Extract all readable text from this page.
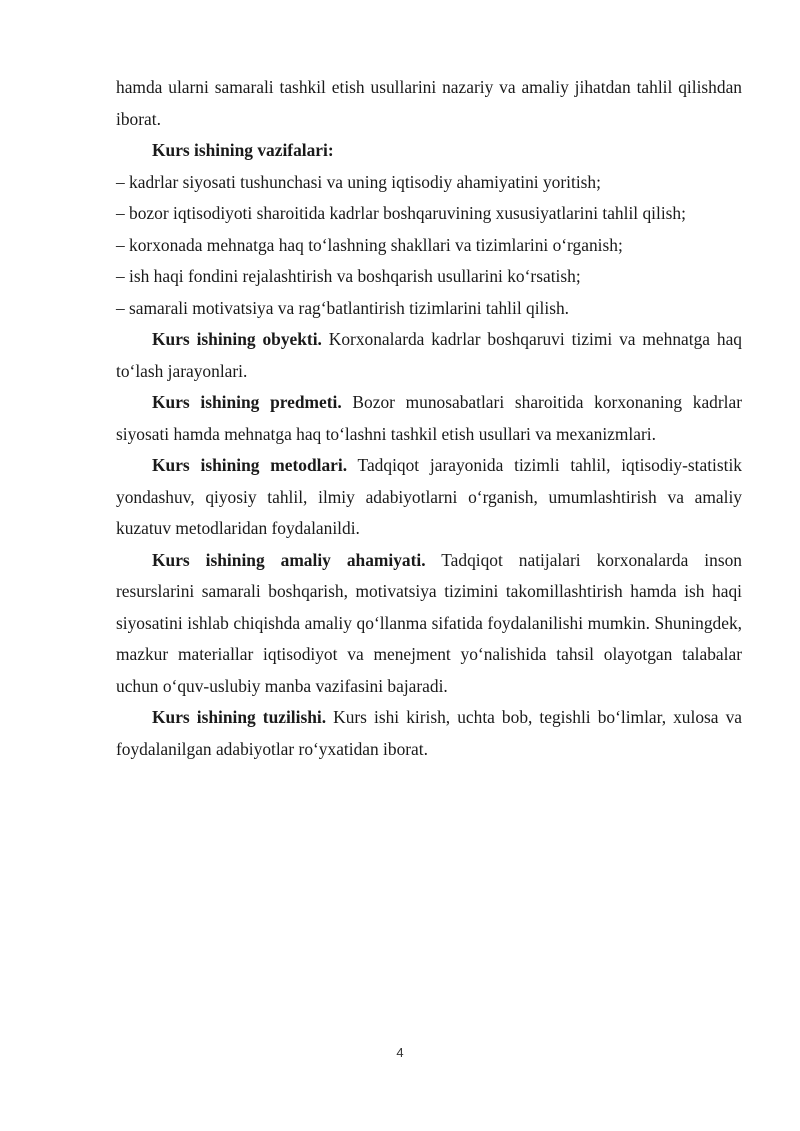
hamda ularni samarali tashkil etish usullarini nazariy va amaliy jihatdan tahlil qilishdan iborat.

Kurs ishining vazifalari:

– kadrlar siyosati tushunchasi va uning iqtisodiy ahamiyatini yoritish;

– bozor iqtisodiyoti sharoitida kadrlar boshqaruvining xususiyatlarini tahlil qilish;

– korxonada mehnatga haq to‘lashning shakllari va tizimlarini o‘rganish;

– ish haqi fondini rejalashtirish va boshqarish usullarini ko‘rsatish;

– samarali motivatsiya va rag‘batlantirish tizimlarini tahlil qilish.

Kurs ishining obyekti. Korxonalarda kadrlar boshqaruvi tizimi va mehnatga haq to‘lash jarayonlari.

Kurs ishining predmeti. Bozor munosabatlari sharoitida korxonaning kadrlar siyosati hamda mehnatga haq to‘lashni tashkil etish usullari va mexanizmlari.

Kurs ishining metodlari. Tadqiqot jarayonida tizimli tahlil, iqtisodiy-statistik yondashuv, qiyosiy tahlil, ilmiy adabiyotlarni o‘rganish, umumlashtirish va amaliy kuzatuv metodlaridan foydalanildi.

Kurs ishining amaliy ahamiyati. Tadqiqot natijalari korxonalarda inson resurslarini samarali boshqarish, motivatsiya tizimini takomillashtirish hamda ish haqi siyosatini ishlab chiqishda amaliy qo‘llanma sifatida foydalanilishi mumkin. Shuningdek, mazkur materiallar iqtisodiyot va menejment yo‘nalishida tahsil olayotgan talabalar uchun o‘quv-uslubiy manba vazifasini bajaradi.

Kurs ishining tuzilishi. Kurs ishi kirish, uchta bob, tegishli bo‘limlar, xulosa va foydalanilgan adabiyotlar ro‘yxatidan iborat.

4
